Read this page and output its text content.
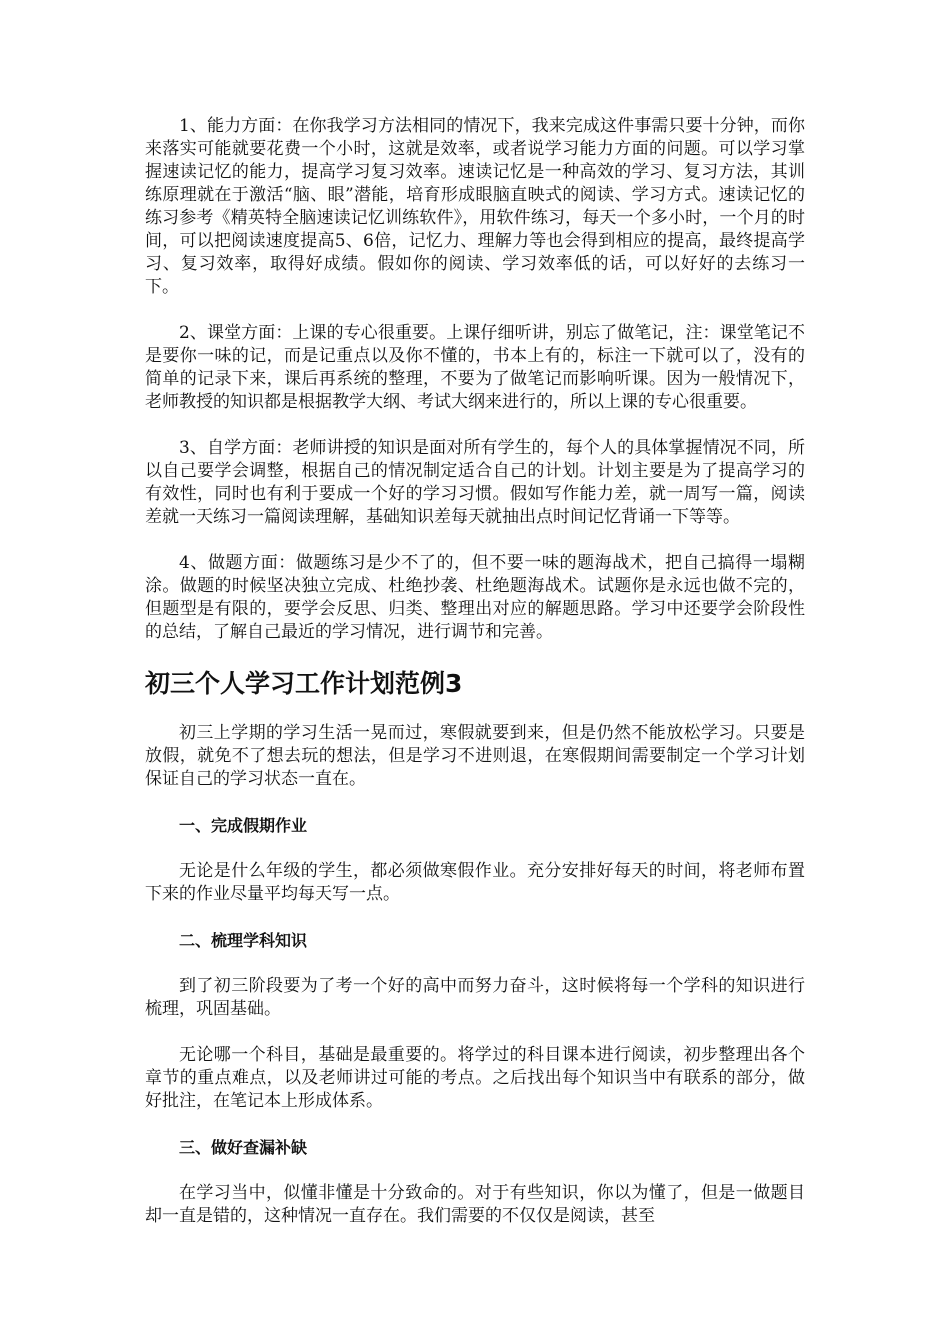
1、能力方面：在你我学习方法相同的情况下，我来完成这件事需只要十分钟，而你来落实可能就要花费一个小时，这就是效率，或者说学习能力方面的问题。可以学习掌握速读记忆的能力，提高学习复习效率。速读记忆是一种高效的学习、复习方法，其训练原理就在于激活“脑、眼”潜能，培育形成眼脑直映式的阅读、学习方式。速读记忆的练习参考《精英特全脑速读记忆训练软件》，用软件练习，每天一个多小时，一个月的时间，可以把阅读速度提高5、6倍，记忆力、理解力等也会得到相应的提高，最终提高学习、复习效率，取得好成绩。假如你的阅读、学习效率低的话，可以好好的去练习一下。

2、课堂方面：上课的专心很重要。上课仔细听讲，别忘了做笔记，注：课堂笔记不是要你一味的记，而是记重点以及你不懂的，书本上有的，标注一下就可以了，没有的简单的记录下来，课后再系统的整理，不要为了做笔记而影响听课。因为一般情况下，老师教授的知识都是根据教学大纲、考试大纲来进行的，所以上课的专心很重要。

3、自学方面：老师讲授的知识是面对所有学生的，每个人的具体掌握情况不同，所以自己要学会调整，根据自己的情况制定适合自己的计划。计划主要是为了提高学习的有效性，同时也有利于要成一个好的学习习惯。假如写作能力差，就一周写一篇，阅读差就一天练习一篇阅读理解，基础知识差每天就抽出点时间记忆背诵一下等等。

4、做题方面：做题练习是少不了的，但不要一味的题海战术，把自己搞得一塌糊涂。做题的时候坚决独立完成、杜绝抄袭、杜绝题海战术。试题你是永远也做不完的，但题型是有限的，要学会反思、归类、整理出对应的解题思路。学习中还要学会阶段性的总结，了解自己最近的学习情况，进行调节和完善。

初三个人学习工作计划范例3

初三上学期的学习生活一晃而过，寒假就要到来，但是仍然不能放松学习。只要是放假，就免不了想去玩的想法，但是学习不进则退，在寒假期间需要制定一个学习计划保证自己的学习状态一直在。

一、完成假期作业

无论是什么年级的学生，都必须做寒假作业。充分安排好每天的时间，将老师布置下来的作业尽量平均每天写一点。

二、梳理学科知识

到了初三阶段要为了考一个好的高中而努力奋斗，这时候将每一个学科的知识进行梳理，巩固基础。

无论哪一个科目，基础是最重要的。将学过的科目课本进行阅读，初步整理出各个章节的重点难点，以及老师讲过可能的考点。之后找出每个知识当中有联系的部分，做好批注，在笔记本上形成体系。

三、做好查漏补缺

在学习当中，似懂非懂是十分致命的。对于有些知识，你以为懂了，但是一做题目却一直是错的，这种情况一直存在。我们需要的不仅仅是阅读，甚至
